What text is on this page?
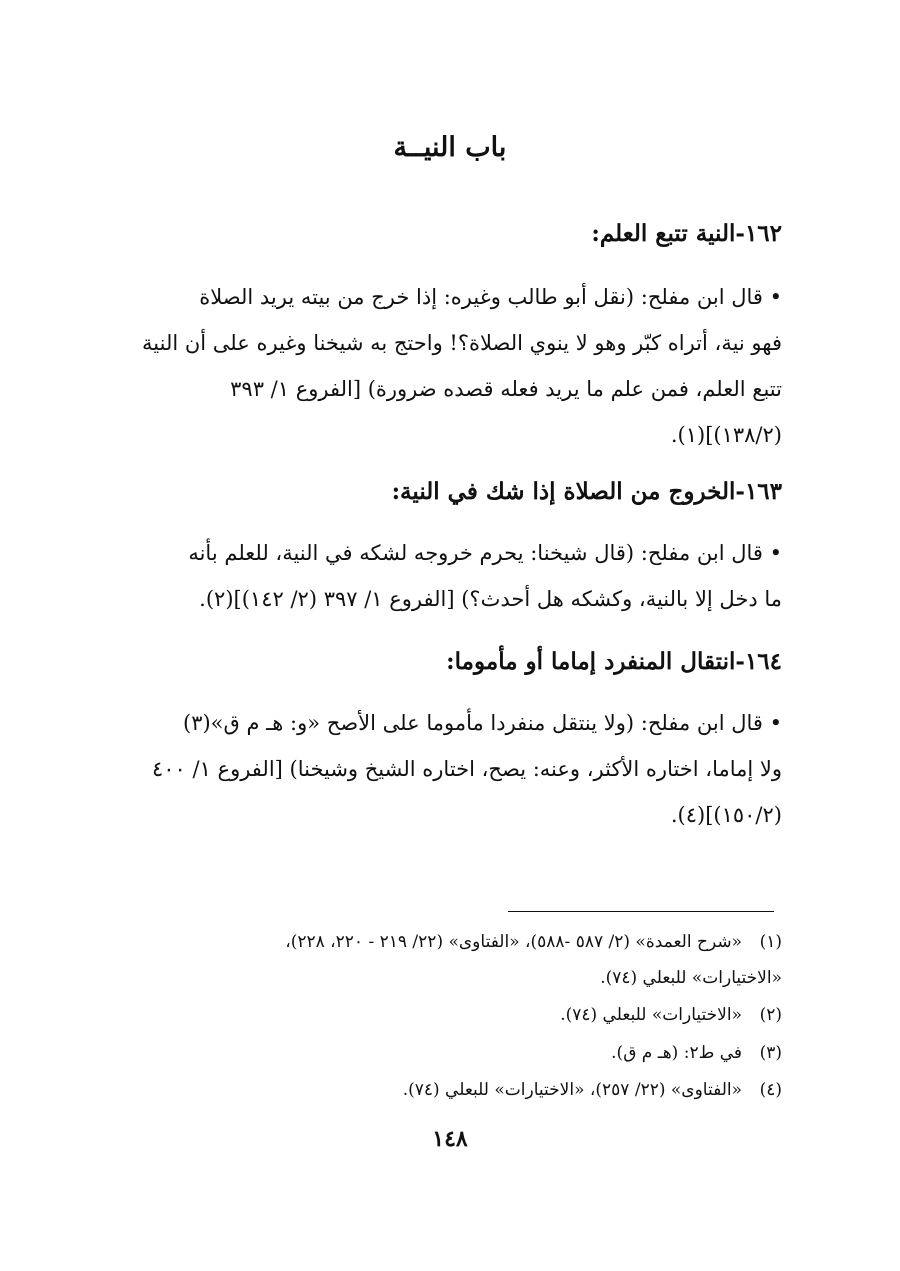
باب النيــة
١٦٢-النية تتبع العلم:
• قال ابن مفلح: (نقل أبو طالب وغيره: إذا خرج من بيته يريد الصلاة
فهو نية، أتراه كبّر وهو لا ينوي الصلاة؟! واحتج به شيخنا وغيره على أن النية
تتبع العلم، فمن علم ما يريد فعله قصده ضرورة) [الفروع ١/ ٣٩٣
(١٣٨/٢)](١).
١٦٣-الخروج من الصلاة إذا شك في النية:
• قال ابن مفلح: (قال شيخنا: يحرم خروجه لشكه في النية، للعلم بأنه
ما دخل إلا بالنية، وكشكه هل أحدث؟) [الفروع ١/ ٣٩٧ (٢/ ١٤٢)](٢).
١٦٤-انتقال المنفرد إماما أو مأموما:
• قال ابن مفلح: (ولا ينتقل منفردا مأموما على الأصح «و: هـ م ق»(٣)
ولا إماما، اختاره الأكثر، وعنه: يصح، اختاره الشيخ وشيخنا) [الفروع ١/ ٤٠٠
(١٥٠/٢)](٤).
(١)«شرح العمدة» (٢/ ٥٨٧ -٥٨٨)، «الفتاوى» (٢٢/ ٢١٩ - ٢٢٠، ٢٢٨)،
«الاختيارات» للبعلي (٧٤).
(٢)«الاختيارات» للبعلي (٧٤).
(٣)في ط٢: (هـ م ق).
(٤)«الفتاوى» (٢٢/ ٢٥٧)، «الاختيارات» للبعلي (٧٤).
١٤٨
